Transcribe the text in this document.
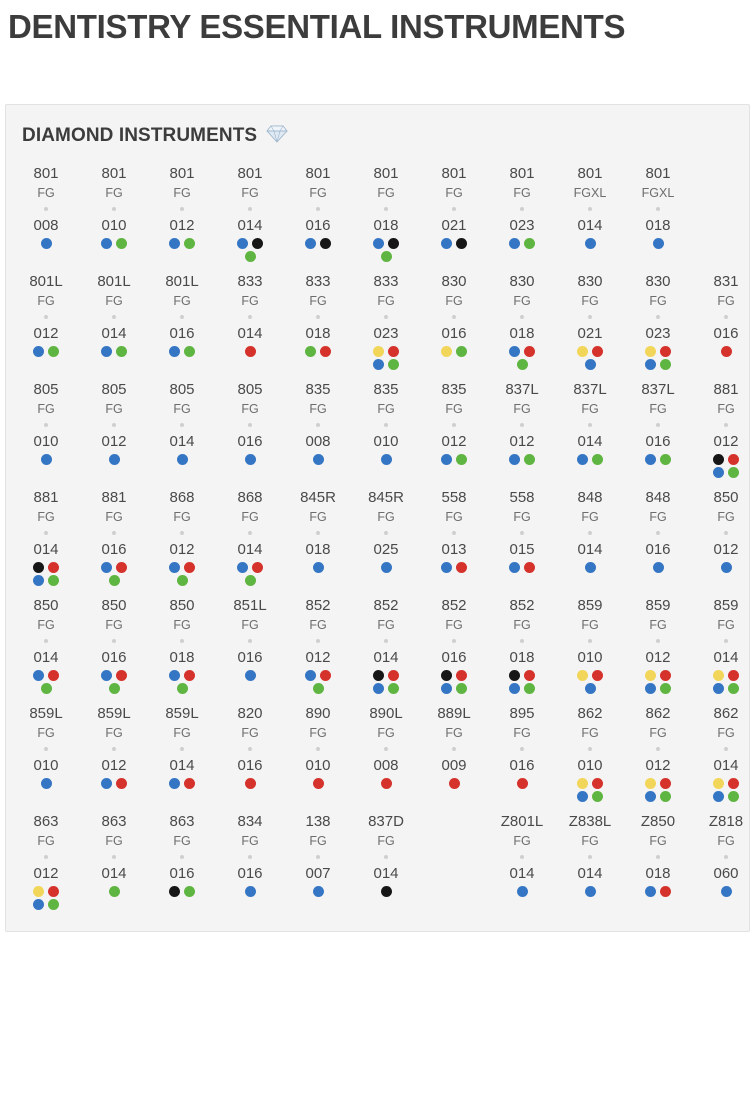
DENTISTRY ESSENTIAL INSTRUMENTS
DIAMOND INSTRUMENTS
801
FG
008
801
FG
010
801
FG
012
801
FG
014
801
FG
016
801
FG
018
801
FG
021
801
FG
023
801
FGXL
014
801
FGXL
018
801L
FG
012
801L
FG
014
801L
FG
016
833
FG
014
833
FG
018
833
FG
023
830
FG
016
830
FG
018
830
FG
021
830
FG
023
831
FG
016
805
FG
010
805
FG
012
805
FG
014
805
FG
016
835
FG
008
835
FG
010
835
FG
012
837L
FG
012
837L
FG
014
837L
FG
016
881
FG
012
881
FG
014
881
FG
016
868
FG
012
868
FG
014
845R
FG
018
845R
FG
025
558
FG
013
558
FG
015
848
FG
014
848
FG
016
850
FG
012
850
FG
014
850
FG
016
850
FG
018
851L
FG
016
852
FG
012
852
FG
014
852
FG
016
852
FG
018
859
FG
010
859
FG
012
859
FG
014
859L
FG
010
859L
FG
012
859L
FG
014
820
FG
016
890
FG
010
890L
FG
008
889L
FG
009
895
FG
016
862
FG
010
862
FG
012
862
FG
014
863
FG
012
863
FG
014
863
FG
016
834
FG
016
138
FG
007
837D
FG
014
Z801L
FG
014
Z838L
FG
014
Z850
FG
018
Z818
FG
060
